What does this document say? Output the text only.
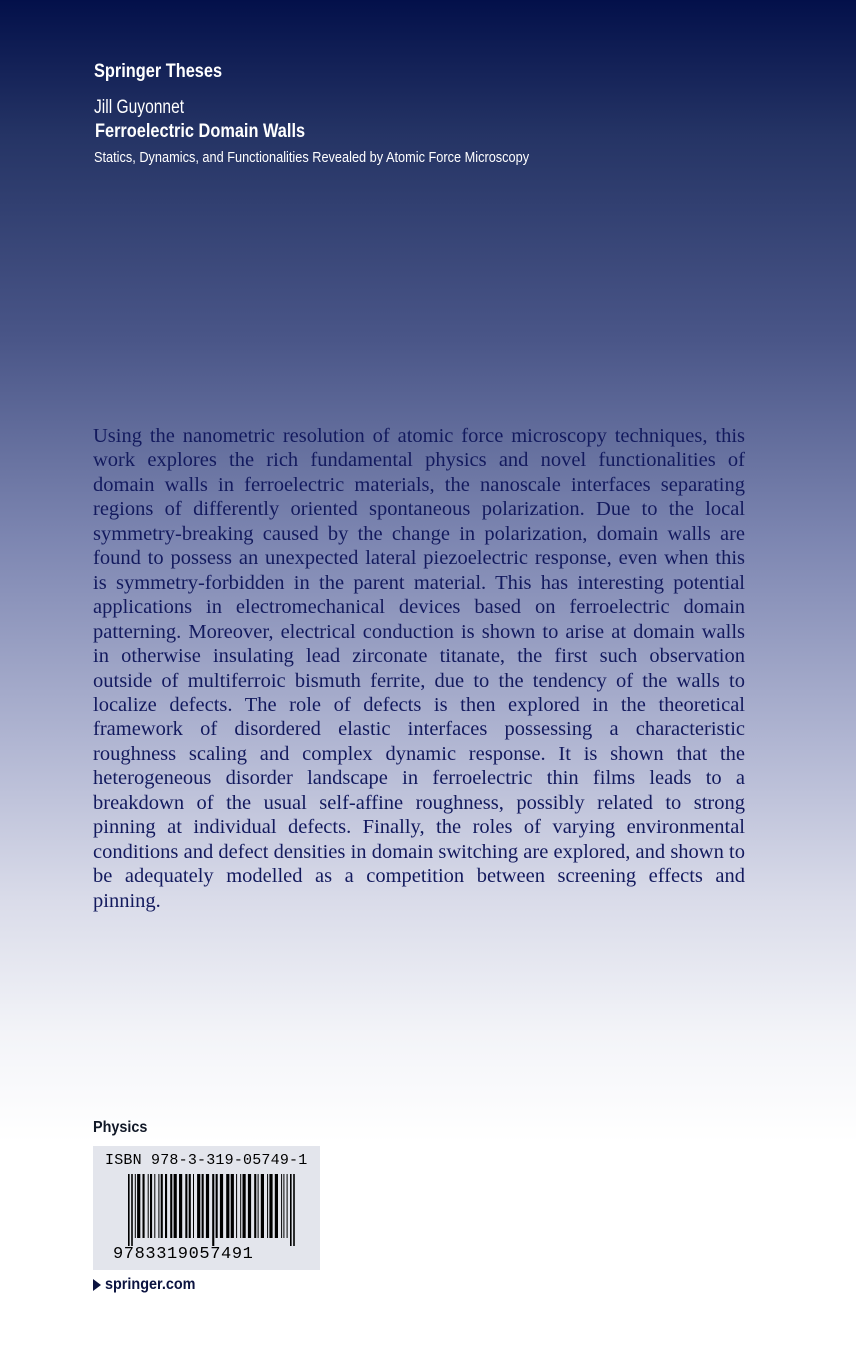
Springer Theses
Jill Guyonnet
Ferroelectric Domain Walls
Statics, Dynamics, and Functionalities Revealed by Atomic Force Microscopy

Using the nanometric resolution of atomic force microscopy techniques, this work explores the rich fundamental physics and novel functionalities of domain walls in ferroelectric materials, the nanoscale interfaces separating regions of differently oriented spontaneous polarization. Due to the local symmetry-breaking caused by the change in polarization, domain walls are found to possess an unexpected lateral piezoelectric response, even when this is symmetry-forbidden in the parent material. This has interesting potential applications in electromechanical devices based on ferroelectric domain patterning. Moreover, electrical conduction is shown to arise at domain walls in otherwise insulating lead zirconate titanate, the first such observation outside of multiferroic bismuth ferrite, due to the tendency of the walls to localize defects. The role of defects is then explored in the theoretical framework of disordered elastic interfaces possessing a characteristic roughness scaling and complex dynamic response. It is shown that the heterogeneous disorder landscape in ferroelectric thin films leads to a breakdown of the usual self-affine roughness, possibly related to strong pinning at individual defects. Finally, the roles of varying environmental conditions and defect densities in domain switching are explored, and shown to be adequately modelled as a competition between screening effects and pinning.

Physics
ISBN 978-3-319-05749-1
9783319057491
springer.com
